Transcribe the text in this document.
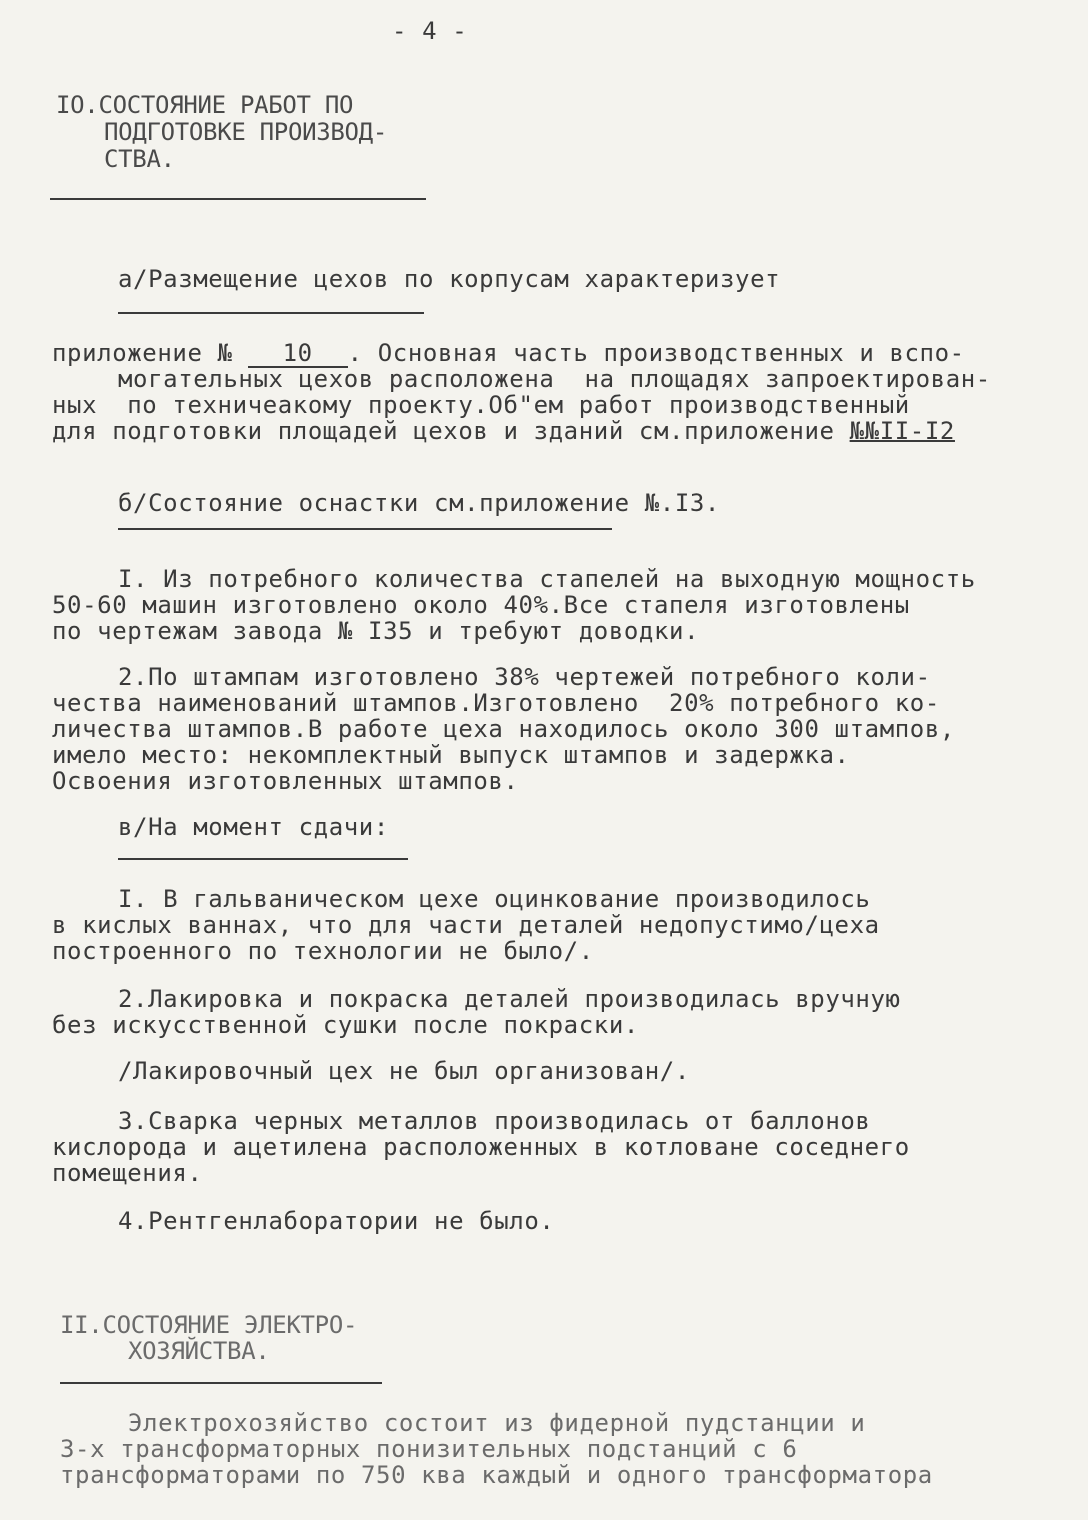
- 4 -
IO.СОСТОЯНИЕ РАБОТ ПО
ПОДГОТОВКЕ ПРОИЗВОД-
СТВА.
а/Размещение цехов по корпусам характеризует
приложение № 10 . Основная часть производственных и вспо-
могательных цехов расположена  на площадях запроектирован-
ных  по техничеакому проекту.Об"ем работ производственный
для подготовки площадей цехов и зданий см.приложение №№II-I2
б/Состояние оснастки см.приложение №.I3.
I. Из потребного количества стапелей на выходную мощность
50-60 машин изготовлено около 40%.Все стапеля изготовлены
по чертежам завода № I35 и требуют доводки.
2.По штампам изготовлено 38% чертежей потребного коли-
чества наименований штампов.Изготовлено  20% потребного ко-
личества штампов.В работе цеха находилось около 300 штампов,
имело место: некомплектный выпуск штампов и задержка.
Освоения изготовленных штампов.
в/На момент сдачи:
I. В гальваническом цехе оцинкование производилось
в кислых ваннах, что для части деталей недопустимо/цеха
построенного по технологии не было/.
2.Лакировка и покраска деталей производилась вручную
без искусственной сушки после покраски.
/Лакировочный цех не был организован/.
3.Сварка черных металлов производилась от баллонов
кислорода и ацетилена расположенных в котловане соседнего
помещения.
4.Рентгенлаборатории не было.
II.СОСТОЯНИЕ ЭЛЕКТРО-
ХОЗЯЙСТВА.
Электрохозяйство состоит из фидерной пудстанции и
3-х трансформаторных понизительных подстанций с 6
трансформаторами по 750 ква каждый и одного трансформатора
